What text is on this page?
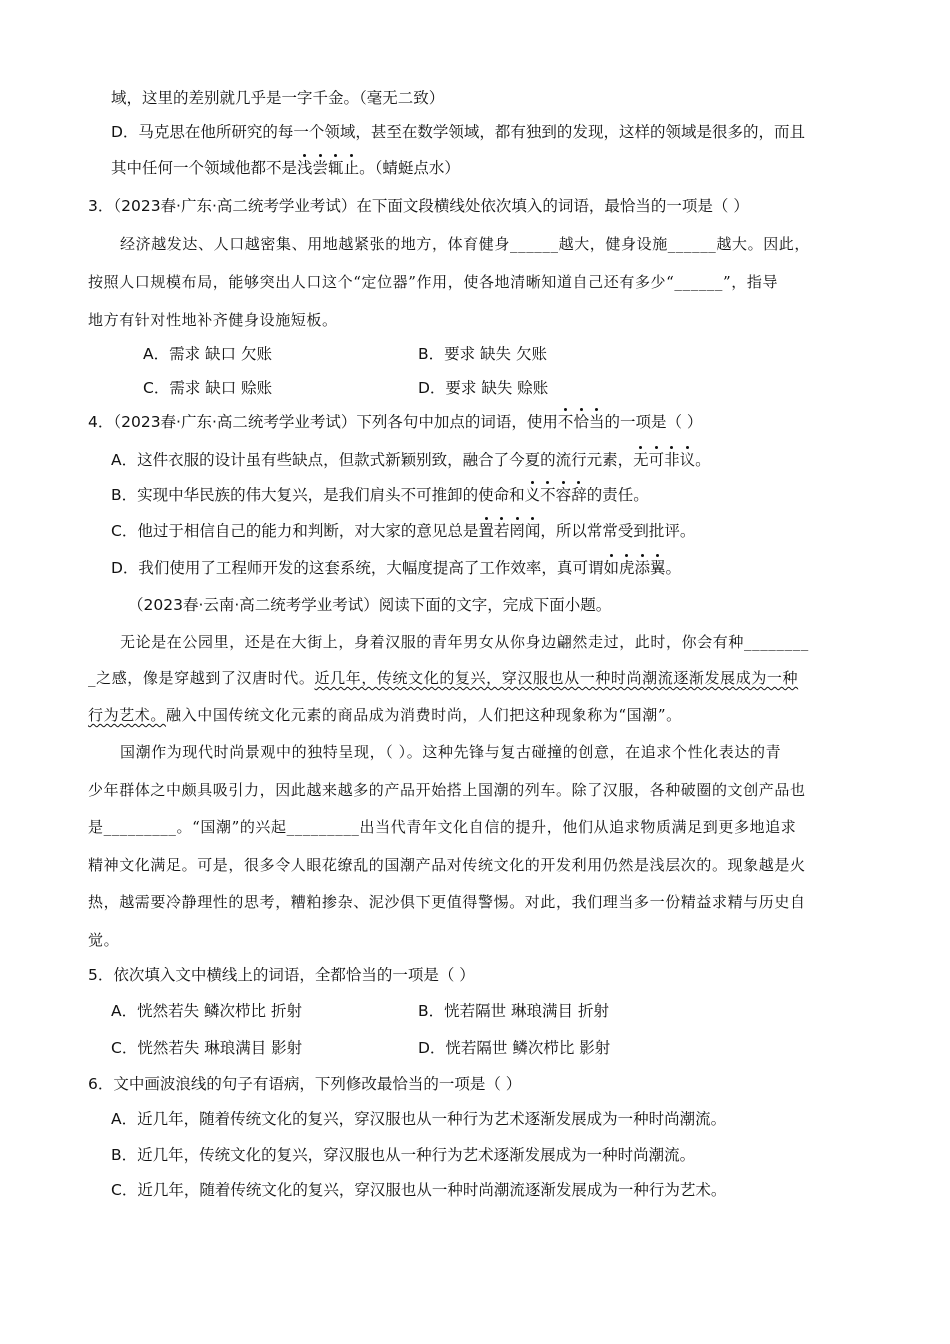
域，这里的差别就几乎是一字千金。（毫无二致）
D．马克思在他所研究的每一个领域，甚至在数学领域，都有独到的发现，这样的领域是很多的，而且
其中任何一个领域他都不是浅尝辄止。（蜻蜓点水）
3．（2023春·广东·高二统考学业考试）在下面文段横线处依次填入的词语，最恰当的一项是（ ）
经济越发达、人口越密集、用地越紧张的地方，体育健身______越大，健身设施______越大。因此，
按照人口规模布局，能够突出人口这个“定位器”作用，使各地清晰知道自己还有多少“______”，指导
地方有针对性地补齐健身设施短板。
A．需求 缺口 欠账	B．要求 缺失 欠账
C．需求 缺口 赊账	D．要求 缺失 赊账
4．（2023春·广东·高二统考学业考试）下列各句中加点的词语，使用不恰当的一项是（ ）
A．这件衣服的设计虽有些缺点，但款式新颖别致，融合了今夏的流行元素，无可非议。
B．实现中华民族的伟大复兴，是我们肩头不可推卸的使命和义不容辞的责任。
C．他过于相信自己的能力和判断，对大家的意见总是置若罔闻，所以常常受到批评。
D．我们使用了工程师开发的这套系统，大幅度提高了工作效率，真可谓如虎添翼。
（2023春·云南·高二统考学业考试）阅读下面的文字，完成下面小题。
无论是在公园里，还是在大街上，身着汉服的青年男女从你身边翩然走过，此时，你会有种________
_之感，像是穿越到了汉唐时代。近几年，传统文化的复兴，穿汉服也从一种时尚潮流逐渐发展成为一种
行为艺术。融入中国传统文化元素的商品成为消费时尚，人们把这种现象称为“国潮”。
国潮作为现代时尚景观中的独特呈现，（ ）。这种先锋与复古碰撞的创意，在追求个性化表达的青
少年群体之中颇具吸引力，因此越来越多的产品开始搭上国潮的列车。除了汉服，各种破圈的文创产品也
是_________。“国潮”的兴起_________出当代青年文化自信的提升，他们从追求物质满足到更多地追求
精神文化满足。可是，很多令人眼花缭乱的国潮产品对传统文化的开发利用仍然是浅层次的。现象越是火
热，越需要冷静理性的思考，糟粕掺杂、泥沙俱下更值得警惕。对此，我们理当多一份精益求精与历史自
觉。
5．依次填入文中横线上的词语，全都恰当的一项是（ ）
A．恍然若失 鳞次栉比 折射	B．恍若隔世 琳琅满目 折射
C．恍然若失 琳琅满目 影射	D．恍若隔世 鳞次栉比 影射
6．文中画波浪线的句子有语病，下列修改最恰当的一项是（ ）
A．近几年，随着传统文化的复兴，穿汉服也从一种行为艺术逐渐发展成为一种时尚潮流。
B．近几年，传统文化的复兴，穿汉服也从一种行为艺术逐渐发展成为一种时尚潮流。
C．近几年，随着传统文化的复兴，穿汉服也从一种时尚潮流逐渐发展成为一种行为艺术。
